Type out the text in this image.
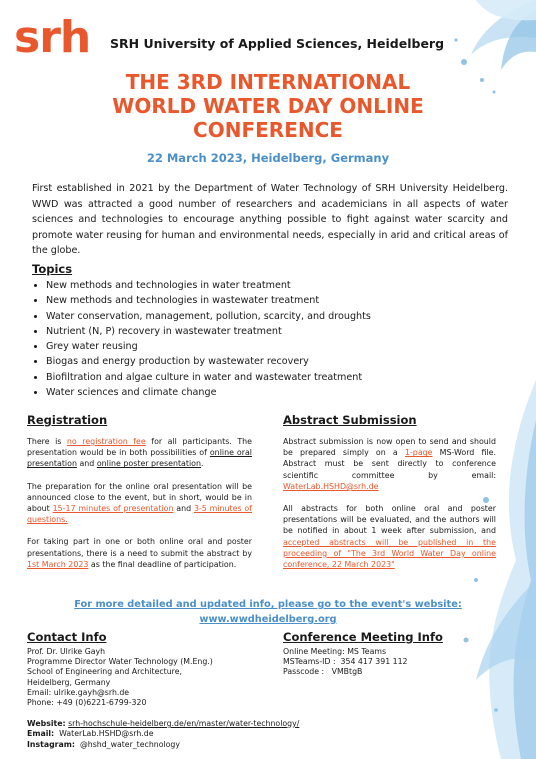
srh SRH University of Applied Sciences, Heidelberg
THE 3RD INTERNATIONAL
WORLD WATER DAY ONLINE
CONFERENCE
22 March 2023, Heidelberg, Germany
First established in 2021 by the Department of Water Technology of SRH University Heidelberg. WWD was attracted a good number of researchers and academicians in all aspects of water sciences and technologies to encourage anything possible to fight against water scarcity and promote water reusing for human and environmental needs, especially in arid and critical areas of the globe.
Topics
• New methods and technologies in water treatment
• New methods and technologies in wastewater treatment
• Water conservation, management, pollution, scarcity, and droughts
• Nutrient (N, P) recovery in wastewater treatment
• Grey water reusing
• Biogas and energy production by wastewater recovery
• Biofiltration and algae culture in water and wastewater treatment
• Water sciences and climate change
Registration

There is no registration fee for all participants. The presentation would be in both possibilities of online oral presentation and online poster presentation.

The preparation for the online oral presentation will be announced close to the event, but in short, would be in about 15-17 minutes of presentation and 3-5 minutes of questions.

For taking part in one or both online oral and poster presentations, there is a need to submit the abstract by 1st March 2023 as the final deadline of participation.

Abstract Submission

Abstract submission is now open to send and should be prepared simply on a 1-page MS-Word file. Abstract must be sent directly to conference scientific committee by email: WaterLab.HSHD@srh.de

All abstracts for both online oral and poster presentations will be evaluated, and the authors will be notified in about 1 week after submission, and accepted abstracts will be published in the proceeding of "The 3rd World Water Day online conference, 22 March 2023"

For more detailed and updated info, please go to the event's website:
www.wwdheidelberg.org
Contact Info
Prof. Dr. Ulrike Gayh
Programme Director Water Technology (M.Eng.)
School of Engineering and Architecture,
Heidelberg, Germany
Email: ulrike.gayh@srh.de
Phone: +49 (0)6221-6799-320
Conference Meeting Info
Online Meeting: MS Teams
MSTeams-ID : 354 417 391 112
Passcode : VMBtgB
Website: srh-hochschule-heidelberg.de/en/master/water-technology/
Email: WaterLab.HSHD@srh.de
Instagram: @hshd_water_technology
